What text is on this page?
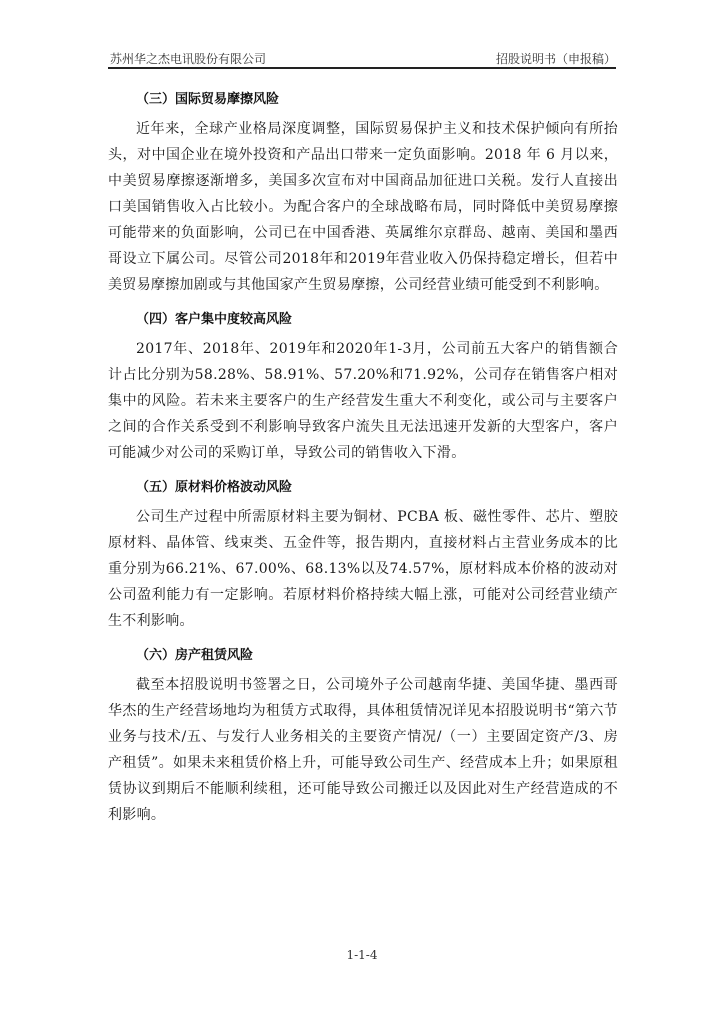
苏州华之杰电讯股份有限公司	招股说明书（申报稿）
（三）国际贸易摩擦风险

近年来，全球产业格局深度调整，国际贸易保护主义和技术保护倾向有所抬头，对中国企业在境外投资和产品出口带来一定负面影响。2018 年 6 月以来，中美贸易摩擦逐渐增多，美国多次宣布对中国商品加征进口关税。发行人直接出口美国销售收入占比较小。为配合客户的全球战略布局，同时降低中美贸易摩擦可能带来的负面影响，公司已在中国香港、英属维尔京群岛、越南、美国和墨西哥设立下属公司。尽管公司2018年和2019年营业收入仍保持稳定增长，但若中美贸易摩擦加剧或与其他国家产生贸易摩擦，公司经营业绩可能受到不利影响。

（四）客户集中度较高风险

2017年、2018年、2019年和2020年1-3月，公司前五大客户的销售额合计占比分别为58.28%、58.91%、57.20%和71.92%，公司存在销售客户相对集中的风险。若未来主要客户的生产经营发生重大不利变化，或公司与主要客户之间的合作关系受到不利影响导致客户流失且无法迅速开发新的大型客户，客户可能减少对公司的采购订单，导致公司的销售收入下滑。

（五）原材料价格波动风险

公司生产过程中所需原材料主要为铜材、PCBA 板、磁性零件、芯片、塑胶原材料、晶体管、线束类、五金件等，报告期内，直接材料占主营业务成本的比重分别为66.21%、67.00%、68.13%以及74.57%，原材料成本价格的波动对公司盈利能力有一定影响。若原材料价格持续大幅上涨，可能对公司经营业绩产生不利影响。

（六）房产租赁风险

截至本招股说明书签署之日，公司境外子公司越南华捷、美国华捷、墨西哥华杰的生产经营场地均为租赁方式取得，具体租赁情况详见本招股说明书“第六节 业务与技术/五、与发行人业务相关的主要资产情况/（一）主要固定资产/3、房产租赁”。如果未来租赁价格上升，可能导致公司生产、经营成本上升；如果原租赁协议到期后不能顺利续租，还可能导致公司搬迁以及因此对生产经营造成的不利影响。

1-1-4
